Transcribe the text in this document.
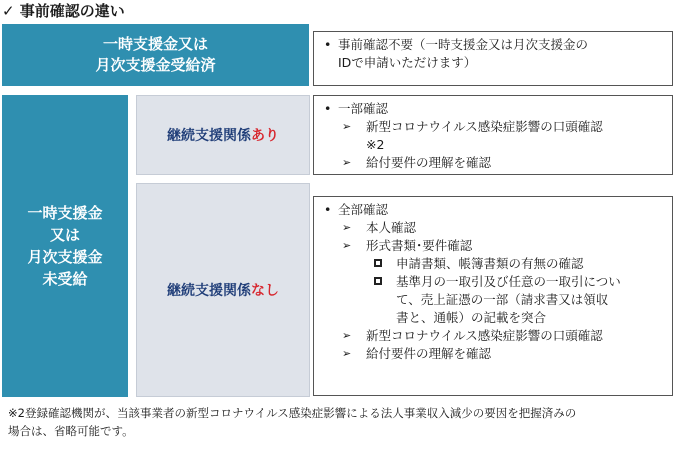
✓ 事前確認の違い
一時支援金又は
月次支援金受給済
• 事前確認不要（一時支援金又は月次支援金の
IDで申請いただけます）
一時支援金
又は
月次支援金
未受給
継続支援関係 あり
• 一部確認
➢ 新型コロナウイルス感染症影響の口頭確認
※2
➢ 給付要件の理解を確認
継続支援関係 なし
• 全部確認
➢ 本人確認
➢ 形式書類･要件確認
申請書類、帳簿書類の有無の確認
基準月の一取引及び任意の一取引につい
て、売上証憑の一部（請求書又は領収
書と、通帳）の記載を突合
➢ 新型コロナウイルス感染症影響の口頭確認
➢ 給付要件の理解を確認
※2登録確認機関が、当該事業者の新型コロナウイルス感染症影響による法人事業収入減少の要因を把握済みの
場合は、省略可能です。
